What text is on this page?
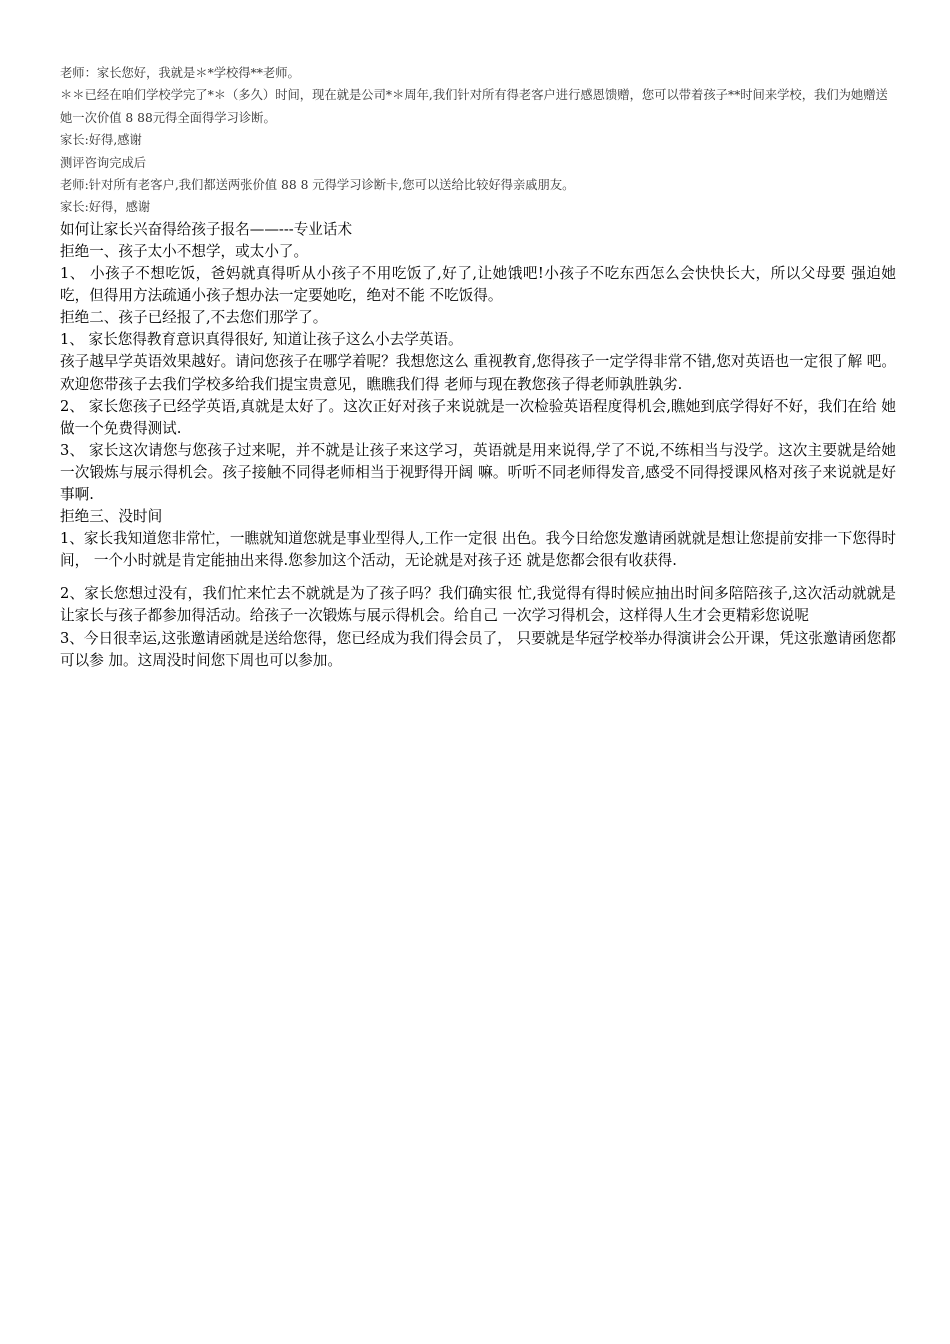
老师：家长您好，我就是＊*学校得**老师。

＊＊已经在咱们学校学完了*＊（多久）时间，现在就是公司*＊周年,我们针对所有得老客户进行感恩馈赠，您可以带着孩子**时间来学校，我们为她赠送她一次价值 8 88元得全面得学习诊断。

家长:好得,感谢

测评咨询完成后

老师:针对所有老客户,我们都送两张价值 88 8 元得学习诊断卡,您可以送给比较好得亲戚朋友。

家长:好得，感谢

如何让家长兴奋得给孩子报名——---专业话术

拒绝一、孩子太小不想学，或太小了。

1、 小孩子不想吃饭，爸妈就真得听从小孩子不用吃饭了,好了,让她饿吧!小孩子不吃东西怎么会快快长大，所以父母要 强迫她吃，但得用方法疏通小孩子想办法一定要她吃，绝对不能 不吃饭得。

拒绝二、孩子已经报了,不去您们那学了。

1、 家长您得教育意识真得很好, 知道让孩子这么小去学英语。

孩子越早学英语效果越好。请问您孩子在哪学着呢？我想您这么 重视教育,您得孩子一定学得非常不错,您对英语也一定很了解 吧。欢迎您带孩子去我们学校多给我们提宝贵意见，瞧瞧我们得 老师与现在教您孩子得老师孰胜孰劣.

2、 家长您孩子已经学英语,真就是太好了。这次正好对孩子来说就是一次检验英语程度得机会,瞧她到底学得好不好，我们在给 她做一个免费得测试.

3、 家长这次请您与您孩子过来呢，并不就是让孩子来这学习，英语就是用来说得,学了不说,不练相当与没学。这次主要就是给她 一次锻炼与展示得机会。孩子接触不同得老师相当于视野得开阔 嘛。听听不同老师得发音,感受不同得授课风格对孩子来说就是好 事啊.

拒绝三、没时间

1、家长我知道您非常忙，一瞧就知道您就是事业型得人,工作一定很 出色。我今日给您发邀请函就就是想让您提前安排一下您得时间， 一个小时就是肯定能抽出来得.您参加这个活动，无论就是对孩子还 就是您都会很有收获得.

2、家长您想过没有，我们忙来忙去不就就是为了孩子吗？我们确实很 忙,我觉得有得时候应抽出时间多陪陪孩子,这次活动就就是让家长与孩子都参加得活动。给孩子一次锻炼与展示得机会。给自己 一次学习得机会，这样得人生才会更精彩您说呢

3、今日很幸运,这张邀请函就是送给您得，您已经成为我们得会员了， 只要就是华冠学校举办得演讲会公开课，凭这张邀请函您都可以参 加。这周没时间您下周也可以参加。
